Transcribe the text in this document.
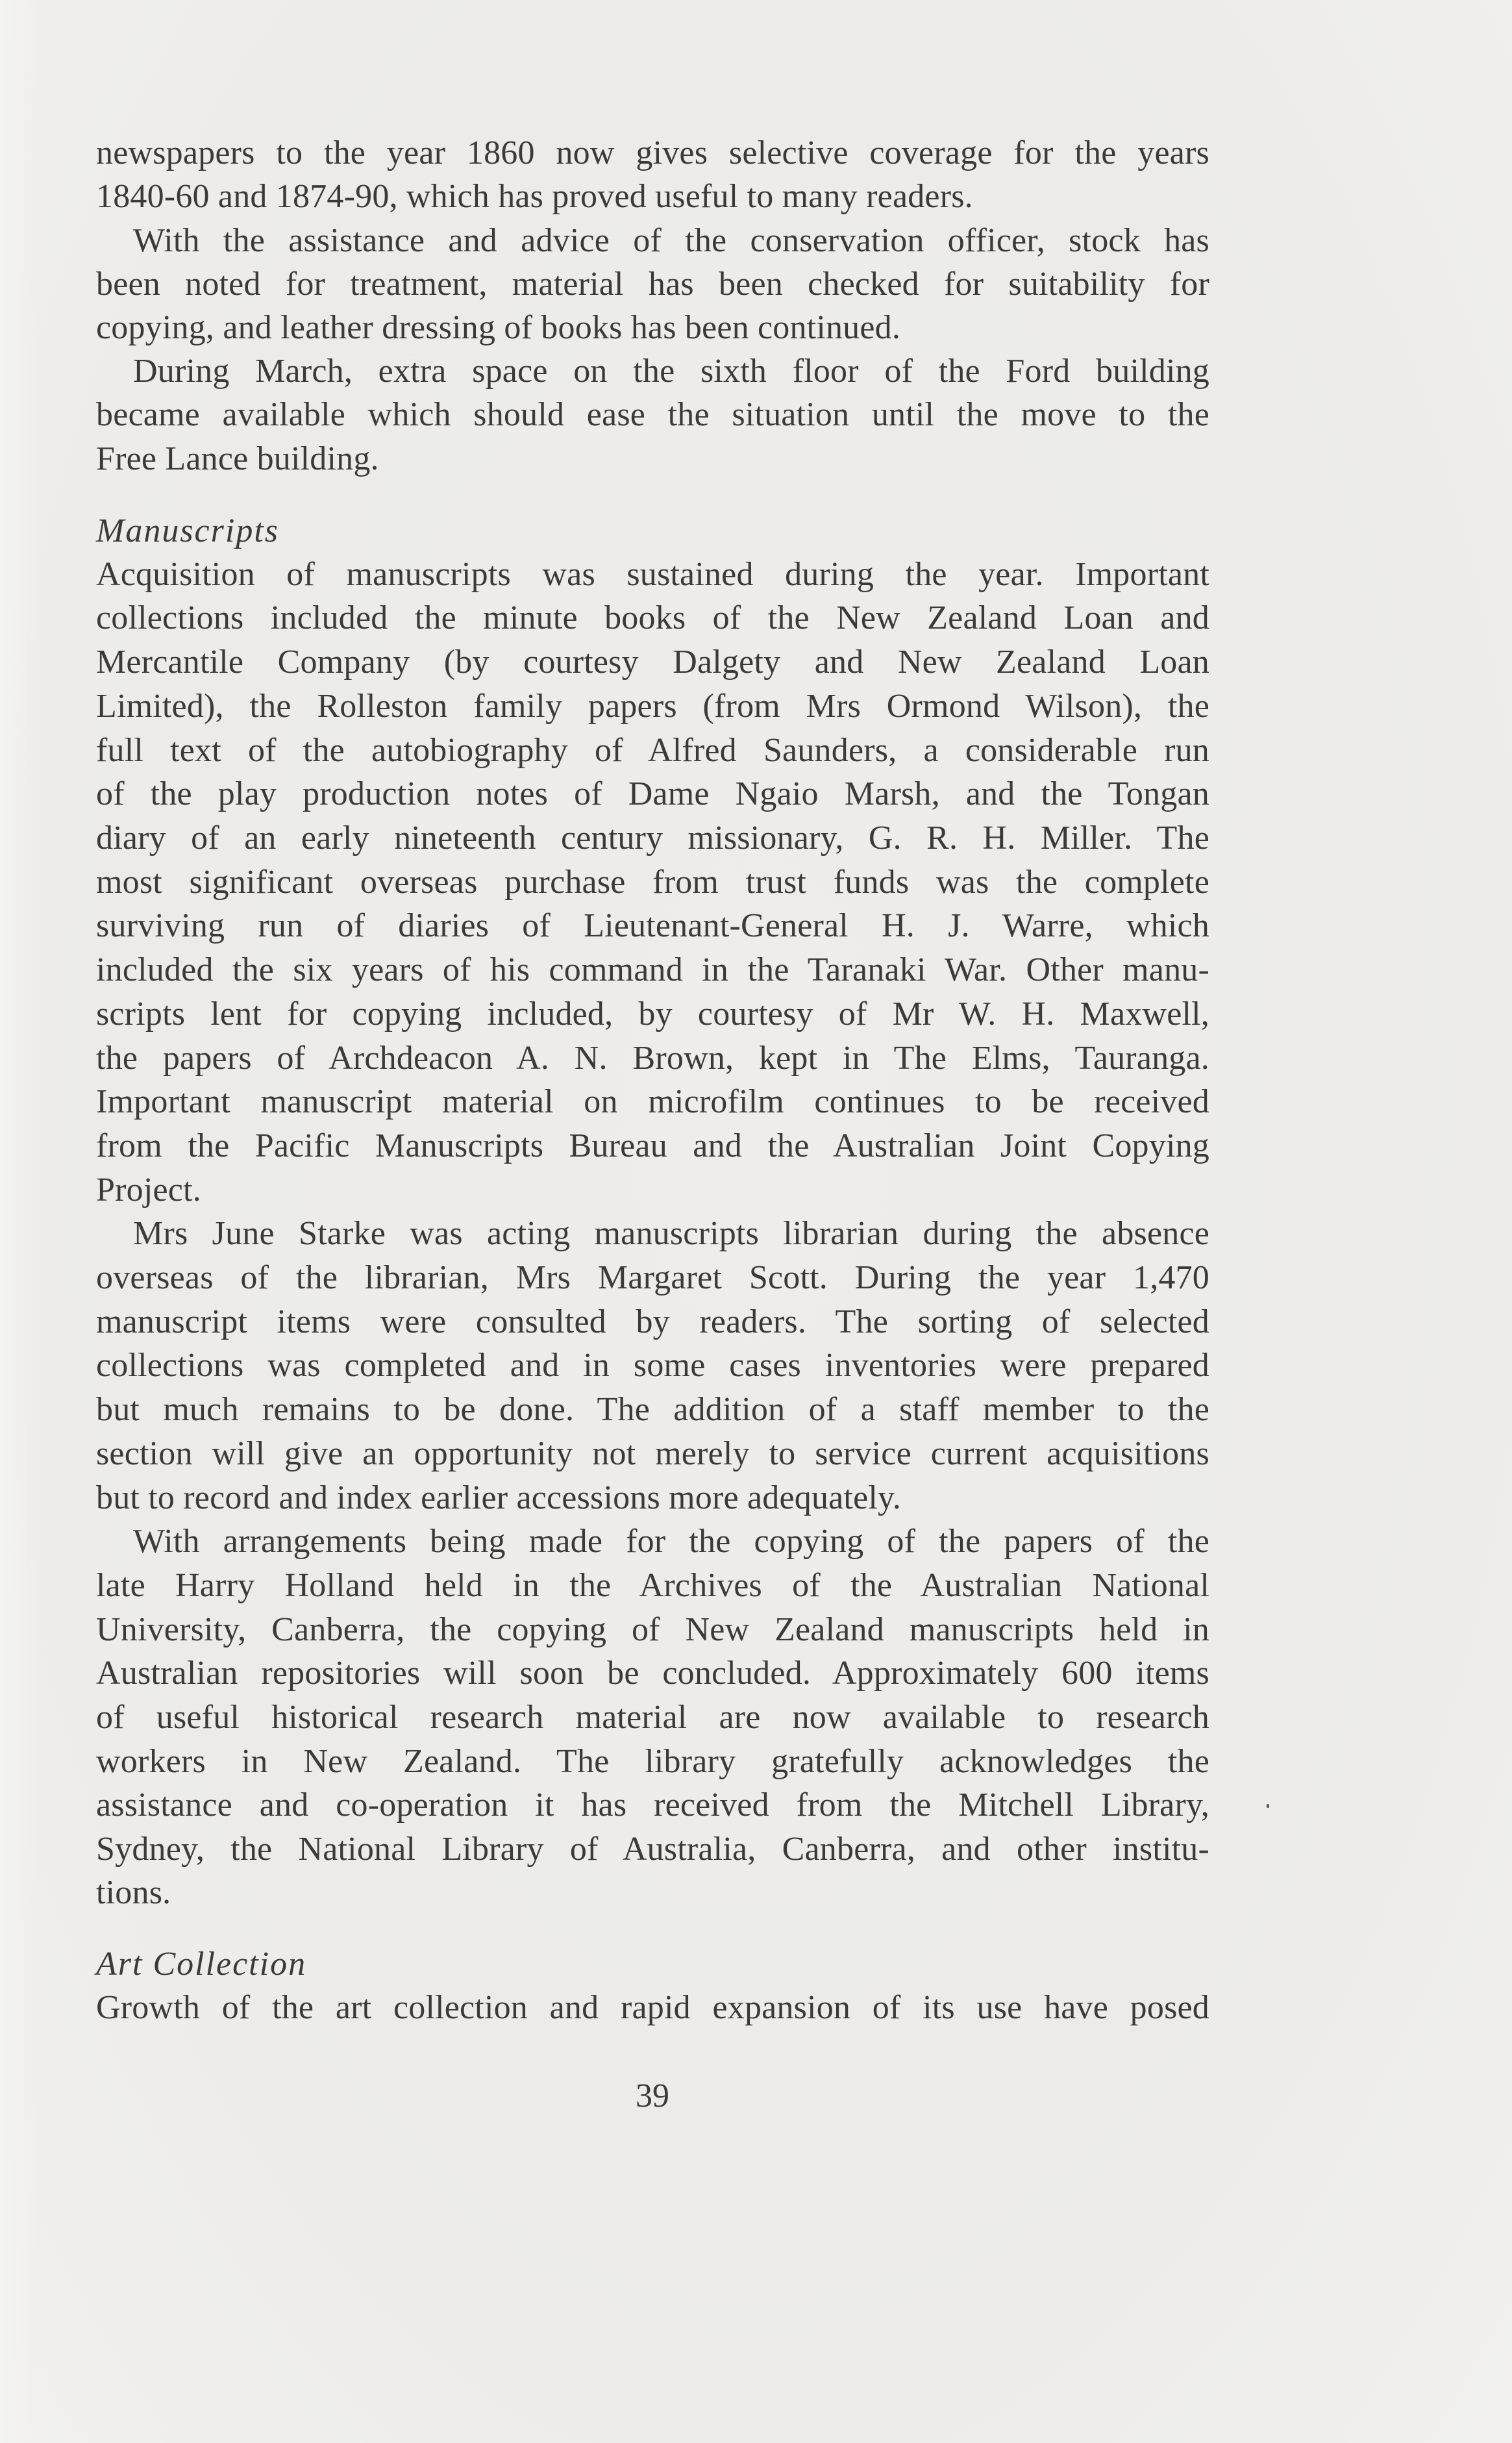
newspapers to the year 1860 now gives selective coverage for the years
1840-60 and 1874-90, which has proved useful to many readers.
With the assistance and advice of the conservation officer, stock has
been noted for treatment, material has been checked for suitability for
copying, and leather dressing of books has been continued.
During March, extra space on the sixth floor of the Ford building
became available which should ease the situation until the move to the
Free Lance building.
Manuscripts
Acquisition of manuscripts was sustained during the year. Important
collections included the minute books of the New Zealand Loan and
Mercantile Company (by courtesy Dalgety and New Zealand Loan
Limited), the Rolleston family papers (from Mrs Ormond Wilson), the
full text of the autobiography of Alfred Saunders, a considerable run
of the play production notes of Dame Ngaio Marsh, and the Tongan
diary of an early nineteenth century missionary, G. R. H. Miller. The
most significant overseas purchase from trust funds was the complete
surviving run of diaries of Lieutenant-General H. J. Warre, which
included the six years of his command in the Taranaki War. Other manu-
scripts lent for copying included, by courtesy of Mr W. H. Maxwell,
the papers of Archdeacon A. N. Brown, kept in The Elms, Tauranga.
Important manuscript material on microfilm continues to be received
from the Pacific Manuscripts Bureau and the Australian Joint Copying
Project.
Mrs June Starke was acting manuscripts librarian during the absence
overseas of the librarian, Mrs Margaret Scott. During the year 1,470
manuscript items were consulted by readers. The sorting of selected
collections was completed and in some cases inventories were prepared
but much remains to be done. The addition of a staff member to the
section will give an opportunity not merely to service current acquisitions
but to record and index earlier accessions more adequately.
With arrangements being made for the copying of the papers of the
late Harry Holland held in the Archives of the Australian National
University, Canberra, the copying of New Zealand manuscripts held in
Australian repositories will soon be concluded. Approximately 600 items
of useful historical research material are now available to research
workers in New Zealand. The library gratefully acknowledges the
assistance and co-operation it has received from the Mitchell Library,
Sydney, the National Library of Australia, Canberra, and other institu-
tions.
Art Collection
Growth of the art collection and rapid expansion of its use have posed
39
